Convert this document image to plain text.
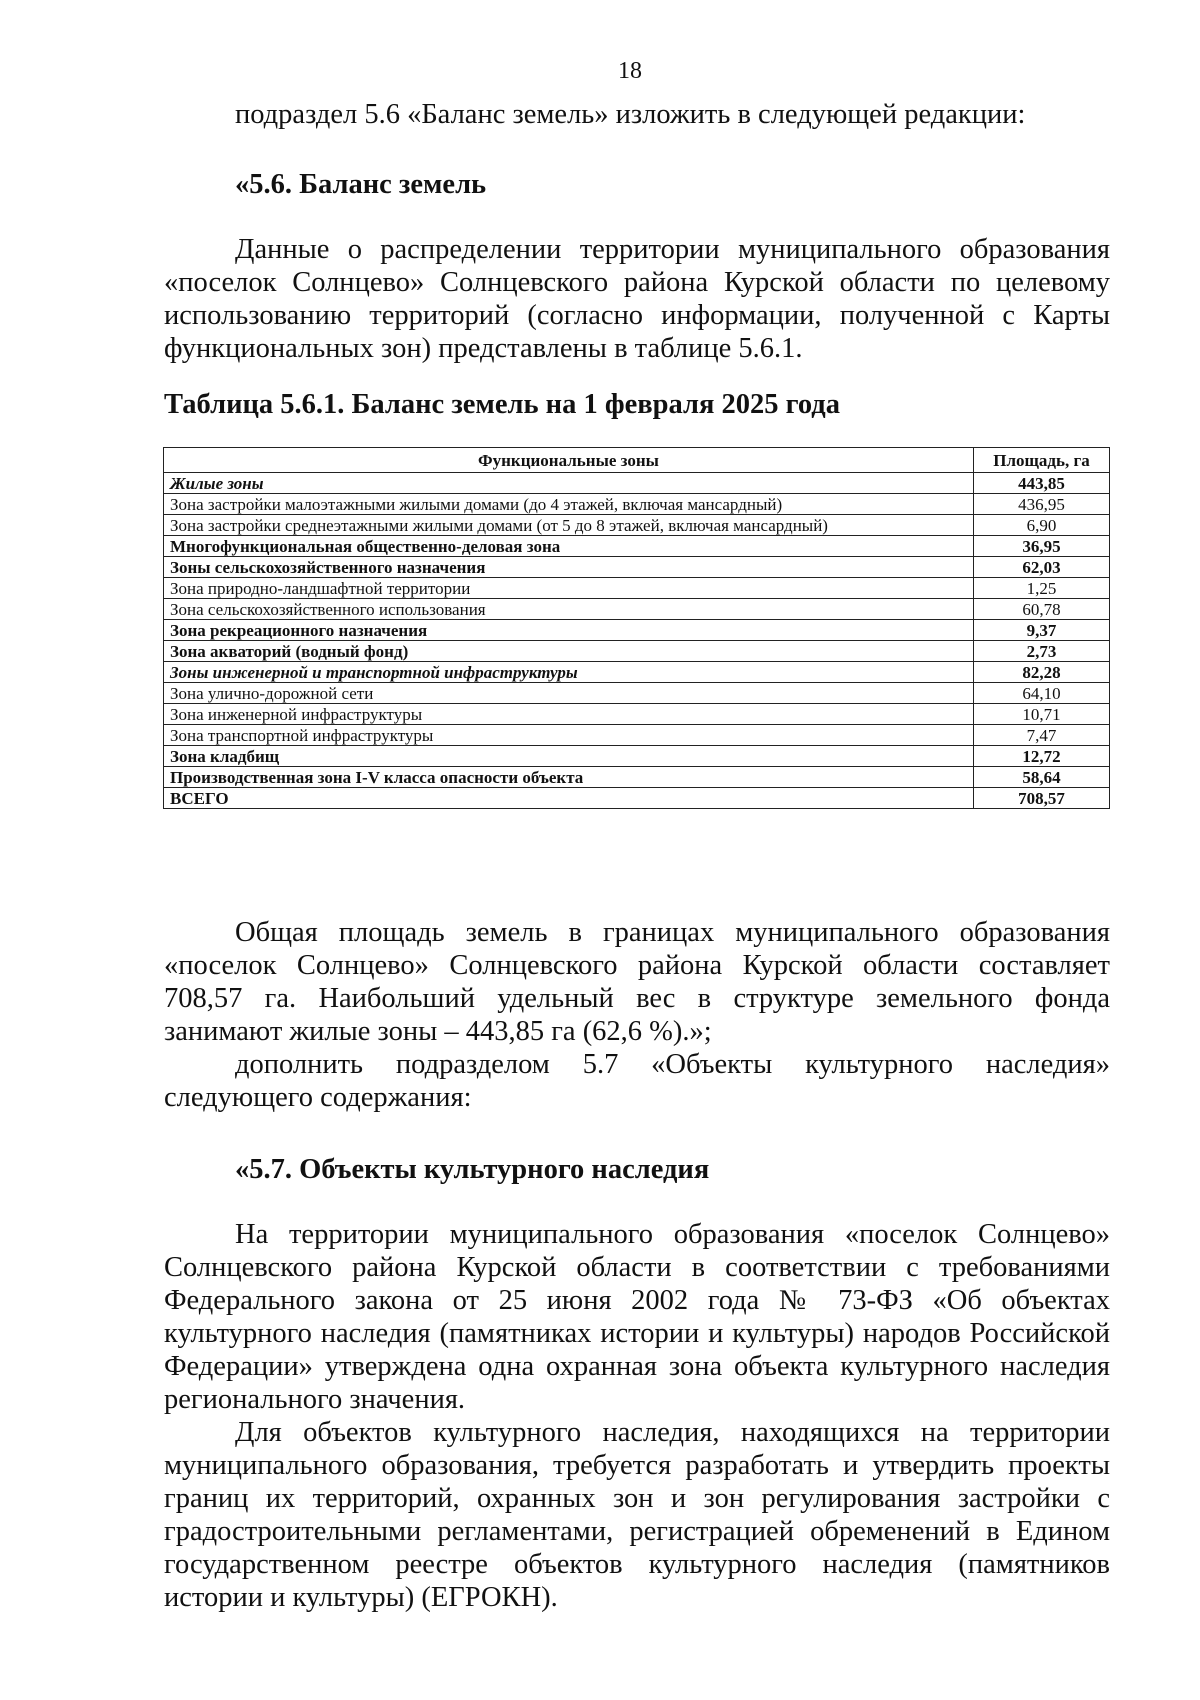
18

подраздел 5.6 «Баланс земель» изложить в следующей редакции:

«5.6. Баланс земель

Данные о распределении территории муниципального образования «поселок Солнцево» Солнцевского района Курской области по целевому использованию территорий (согласно информации, полученной с Карты функциональных зон) представлены в таблице 5.6.1.

Таблица 5.6.1. Баланс земель на 1 февраля 2025 года

Функциональные зоны	Площадь, га
Жилые зоны	443,85
Зона застройки малоэтажными жилыми домами (до 4 этажей, включая мансардный)	436,95
Зона застройки среднеэтажными жилыми домами (от 5 до 8 этажей, включая мансардный)	6,90
Многофункциональная общественно-деловая зона	36,95
Зоны сельскохозяйственного назначения	62,03
Зона природно-ландшафтной территории	1,25
Зона сельскохозяйственного использования	60,78
Зона рекреационного назначения	9,37
Зона акваторий (водный фонд)	2,73
Зоны инженерной и транспортной инфраструктуры	82,28
Зона улично-дорожной сети	64,10
Зона инженерной инфраструктуры	10,71
Зона транспортной инфраструктуры	7,47
Зона кладбищ	12,72
Производственная зона I-V класса опасности объекта	58,64
ВСЕГО	708,57

Общая площадь земель в границах муниципального образования «поселок Солнцево» Солнцевского района Курской области составляет 708,57 га. Наибольший удельный вес в структуре земельного фонда занимают жилые зоны – 443,85 га (62,6 %).»;

дополнить подразделом 5.7 «Объекты культурного наследия» следующего содержания:

«5.7. Объекты культурного наследия

На территории муниципального образования «поселок Солнцево» Солнцевского района Курской области в соответствии с требованиями Федерального закона от 25 июня 2002 года № 73-ФЗ «Об объектах культурного наследия (памятниках истории и культуры) народов Российской Федерации» утверждена одна охранная зона объекта культурного наследия регионального значения.

Для объектов культурного наследия, находящихся на территории муниципального образования, требуется разработать и утвердить проекты границ их территорий, охранных зон и зон регулирования застройки с градостроительными регламентами, регистрацией обременений в Едином государственном реестре объектов культурного наследия (памятников истории и культуры) (ЕГРОКН).
